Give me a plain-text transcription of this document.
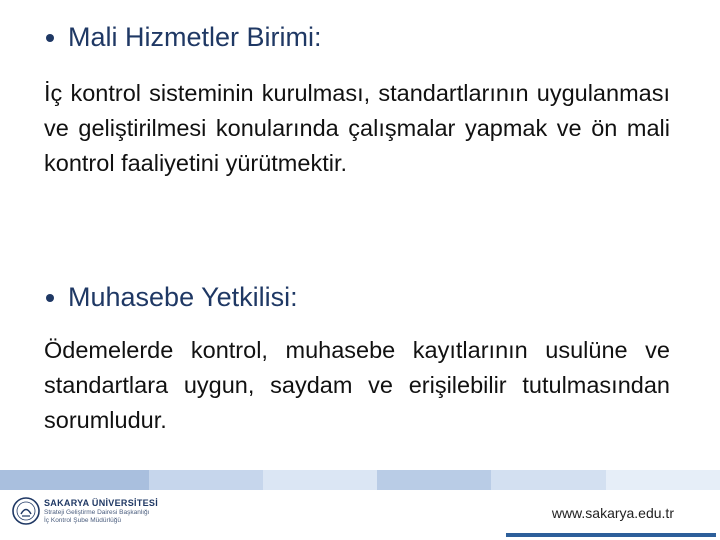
Mali Hizmetler Birimi:
İç kontrol sisteminin kurulması, standartlarının uygulanması ve geliştirilmesi konularında çalışmalar yapmak ve ön mali kontrol faaliyetini yürütmektir.
Muhasebe Yetkilisi:
Ödemelerde kontrol, muhasebe kayıtlarının usulüne ve standartlara uygun, saydam ve erişilebilir tutulmasından sorumludur.
SAKARYA ÜNİVERSİTESİ
Strateji Geliştirme Dairesi Başkanlığı
İç Kontrol Şube Müdürlüğü	www.sakarya.edu.tr
